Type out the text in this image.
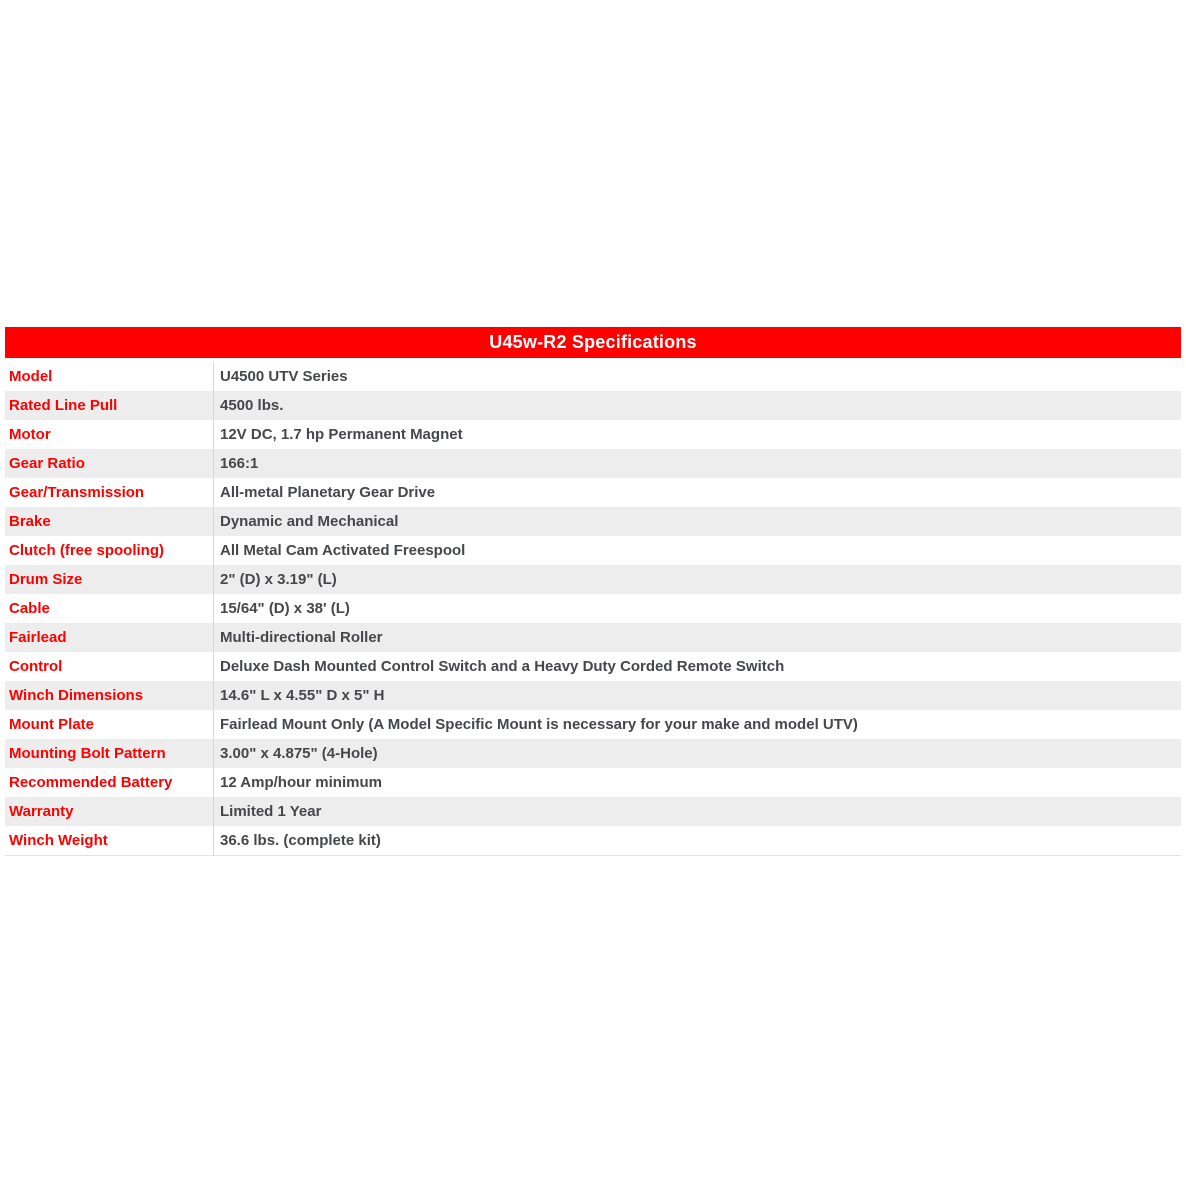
U45w-R2 Specifications
Model	U4500 UTV Series
Rated Line Pull	4500 lbs.
Motor	12V DC, 1.7 hp Permanent Magnet
Gear Ratio	166:1
Gear/Transmission	All-metal Planetary Gear Drive
Brake	Dynamic and Mechanical
Clutch (free spooling)	All Metal Cam Activated Freespool
Drum Size	2" (D) x 3.19" (L)
Cable	15/64" (D) x 38' (L)
Fairlead	Multi-directional Roller
Control	Deluxe Dash Mounted Control Switch and a Heavy Duty Corded Remote Switch
Winch Dimensions	14.6" L x 4.55" D x 5" H
Mount Plate	Fairlead Mount Only (A Model Specific Mount is necessary for your make and model UTV)
Mounting Bolt Pattern	3.00" x 4.875" (4-Hole)
Recommended Battery	12 Amp/hour minimum
Warranty	Limited 1 Year
Winch Weight	36.6 lbs. (complete kit)
